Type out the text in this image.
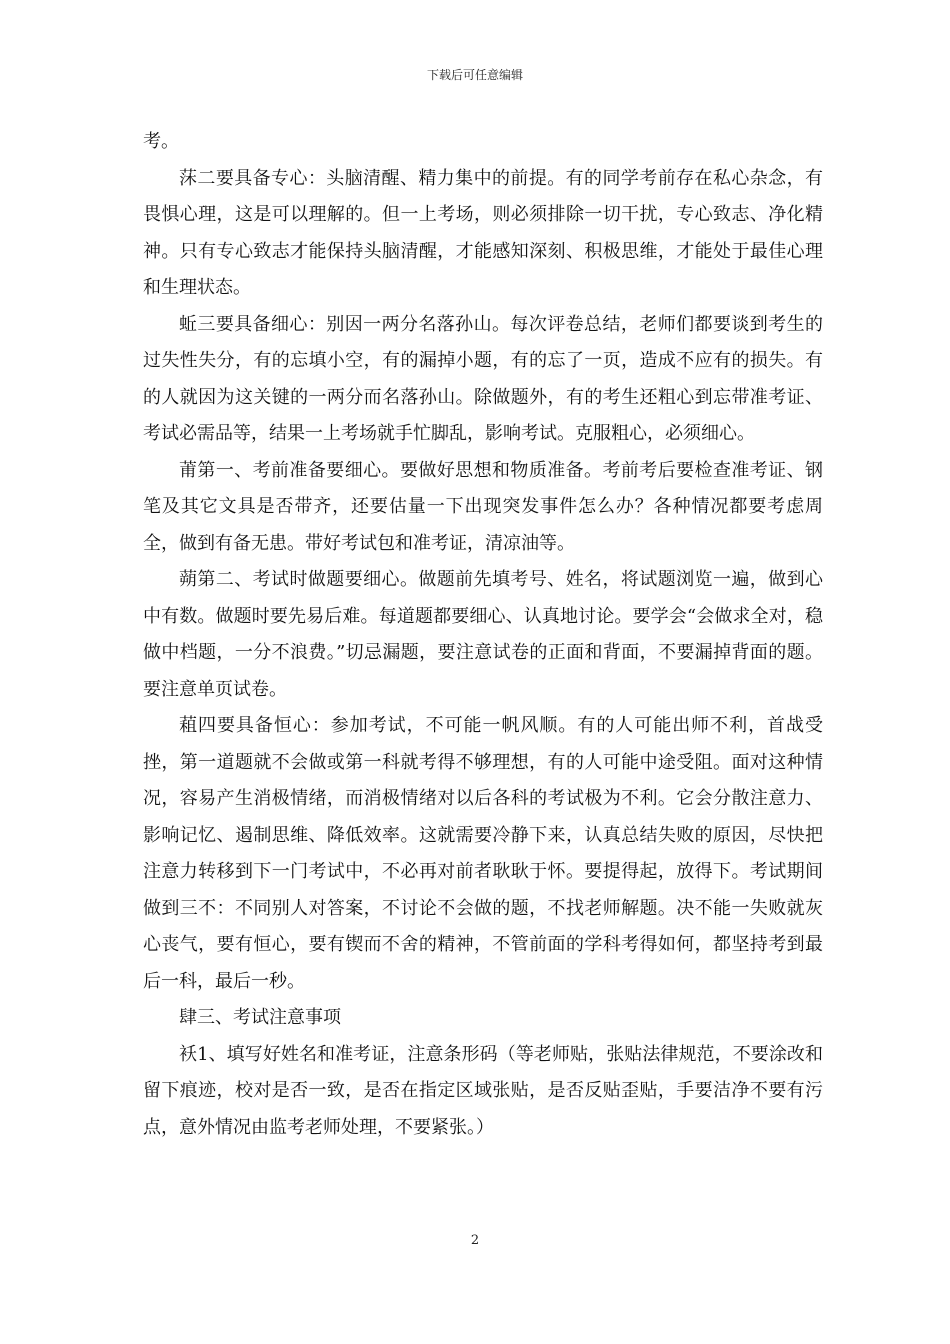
下载后可任意编辑

考。

莯二要具备专心：头脑清醒、精力集中的前提。有的同学考前存在私心杂念，有畏惧心理，这是可以理解的。但一上考场，则必须排除一切干扰，专心致志、净化精神。只有专心致志才能保持头脑清醒，才能感知深刻、积极思维，才能处于最佳心理和生理状态。

蚯三要具备细心：别因一两分名落孙山。每次评卷总结，老师们都要谈到考生的过失性失分，有的忘填小空，有的漏掉小题，有的忘了一页，造成不应有的损失。有的人就因为这关键的一两分而名落孙山。除做题外，有的考生还粗心到忘带准考证、考试必需品等，结果一上考场就手忙脚乱，影响考试。克服粗心，必须细心。

莆第一、考前准备要细心。要做好思想和物质准备。考前考后要检查准考证、钢笔及其它文具是否带齐，还要估量一下出现突发事件怎么办？各种情况都要考虑周全，做到有备无患。带好考试包和准考证，清凉油等。

蒴第二、考试时做题要细心。做题前先填考号、姓名，将试题浏览一遍，做到心中有数。做题时要先易后难。每道题都要细心、认真地讨论。要学会“会做求全对，稳做中档题，一分不浪费。”切忌漏题，要注意试卷的正面和背面，不要漏掉背面的题。要注意单页试卷。

蒩四要具备恒心：参加考试，不可能一帆风顺。有的人可能出师不利，首战受挫，第一道题就不会做或第一科就考得不够理想，有的人可能中途受阻。面对这种情况，容易产生消极情绪，而消极情绪对以后各科的考试极为不利。它会分散注意力、影响记忆、遏制思维、降低效率。这就需要冷静下来，认真总结失败的原因，尽快把注意力转移到下一门考试中，不必再对前者耿耿于怀。要提得起，放得下。考试期间做到三不：不同别人对答案，不讨论不会做的题，不找老师解题。决不能一失败就灰心丧气，要有恒心，要有锲而不舍的精神，不管前面的学科考得如何，都坚持考到最后一科，最后一秒。

肆三、考试注意事项

袄1、填写好姓名和准考证，注意条形码（等老师贴，张贴法律规范，不要涂改和留下痕迹，校对是否一致，是否在指定区域张贴，是否反贴歪贴，手要洁净不要有污点，意外情况由监考老师处理，不要紧张。）

2
